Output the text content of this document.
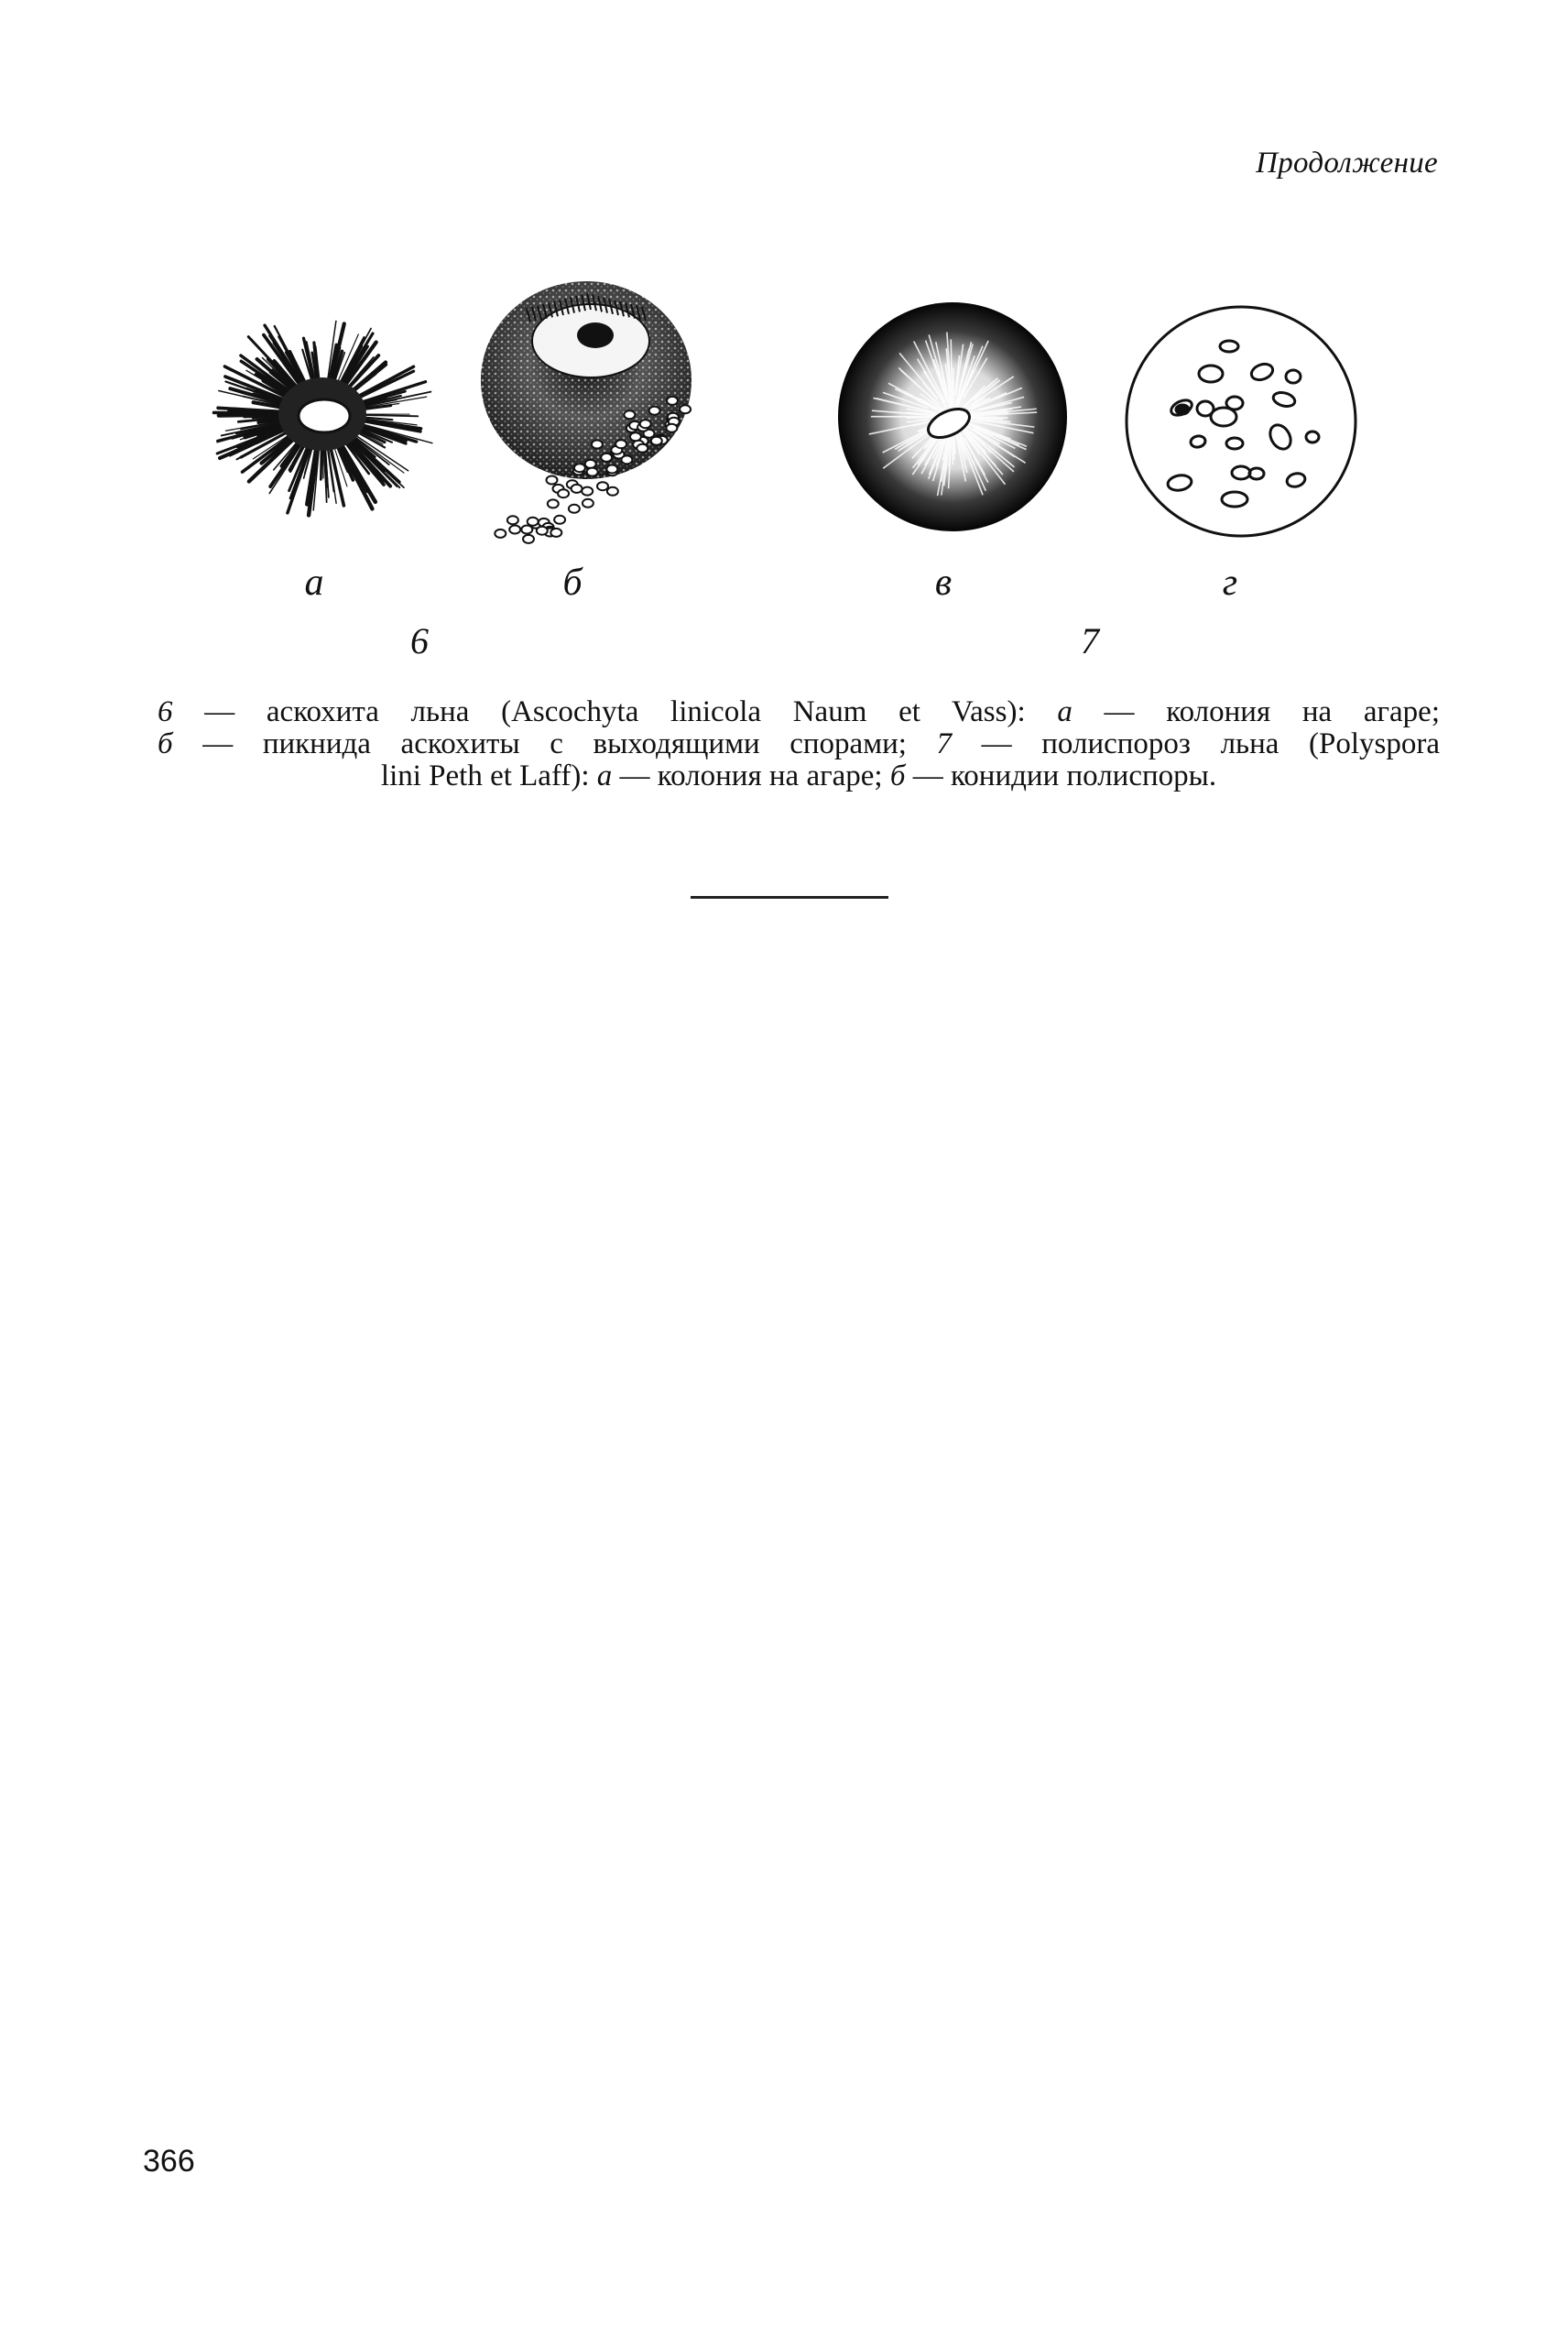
Продолжение
а	б	в	г
6	7

6 — аскохита льна (Ascochyta linicola Naum et Vass): а — колония на агаре;

б — пикнида аскохиты с выходящими спорами; 7 — полиспороз льна (Polyspora

lini Peth et Laff): а — колония на агаре; б — конидии полиспоры.

366
